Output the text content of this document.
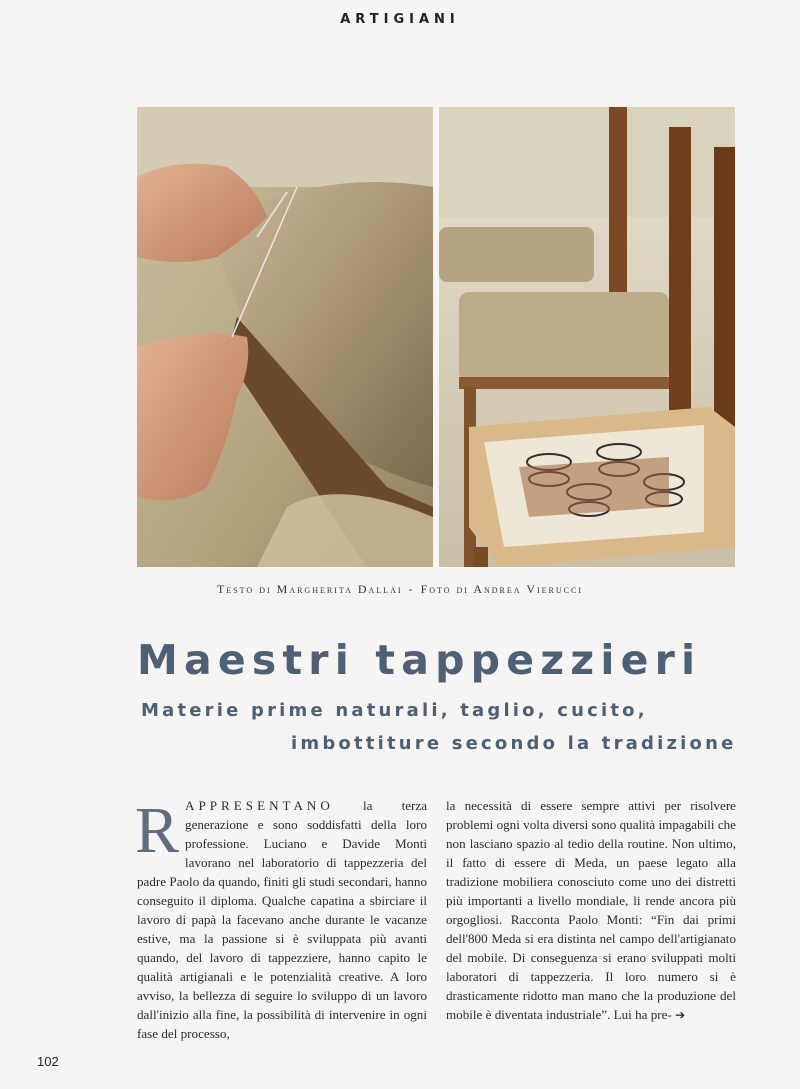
ARTIGIANI
Testo di Margherita Dallai - Foto di Andrea Vierucci
Maestri tappezzieri
Materie prime naturali, taglio, cucito,
imbottiture secondo la tradizione

RAPPRESENTANO la terza generazione e sono soddisfatti della loro professione. Luciano e Davide Monti lavorano nel laboratorio di tappezzeria del padre Paolo da quando, finiti gli studi secondari, hanno conseguito il diploma. Qualche capatina a sbirciare il lavoro di papà la facevano anche durante le vacanze estive, ma la passione si è sviluppata più avanti quando, del lavoro di tappezziere, hanno capito le qualità artigianali e le potenzialità creative. A loro avviso, la bellezza di seguire lo sviluppo di un lavoro dall'inizio alla fine, la possibilità di intervenire in ogni fase del processo,

la necessità di essere sempre attivi per risolvere problemi ogni volta diversi sono qualità impagabili che non lasciano spazio al tedio della routine. Non ultimo, il fatto di essere di Meda, un paese legato alla tradizione mobiliera conosciuto come uno dei distretti più importanti a livello mondiale, li rende ancora più orgogliosi. Racconta Paolo Monti: “Fin dai primi dell'800 Meda si era distinta nel campo dell'artigianato del mobile. Di conseguenza si erano sviluppati molti laboratori di tappezzeria. Il loro numero si è drasticamente ridotto man mano che la produzione del mobile è diventata industriale”. Lui ha pre- ➔

102
